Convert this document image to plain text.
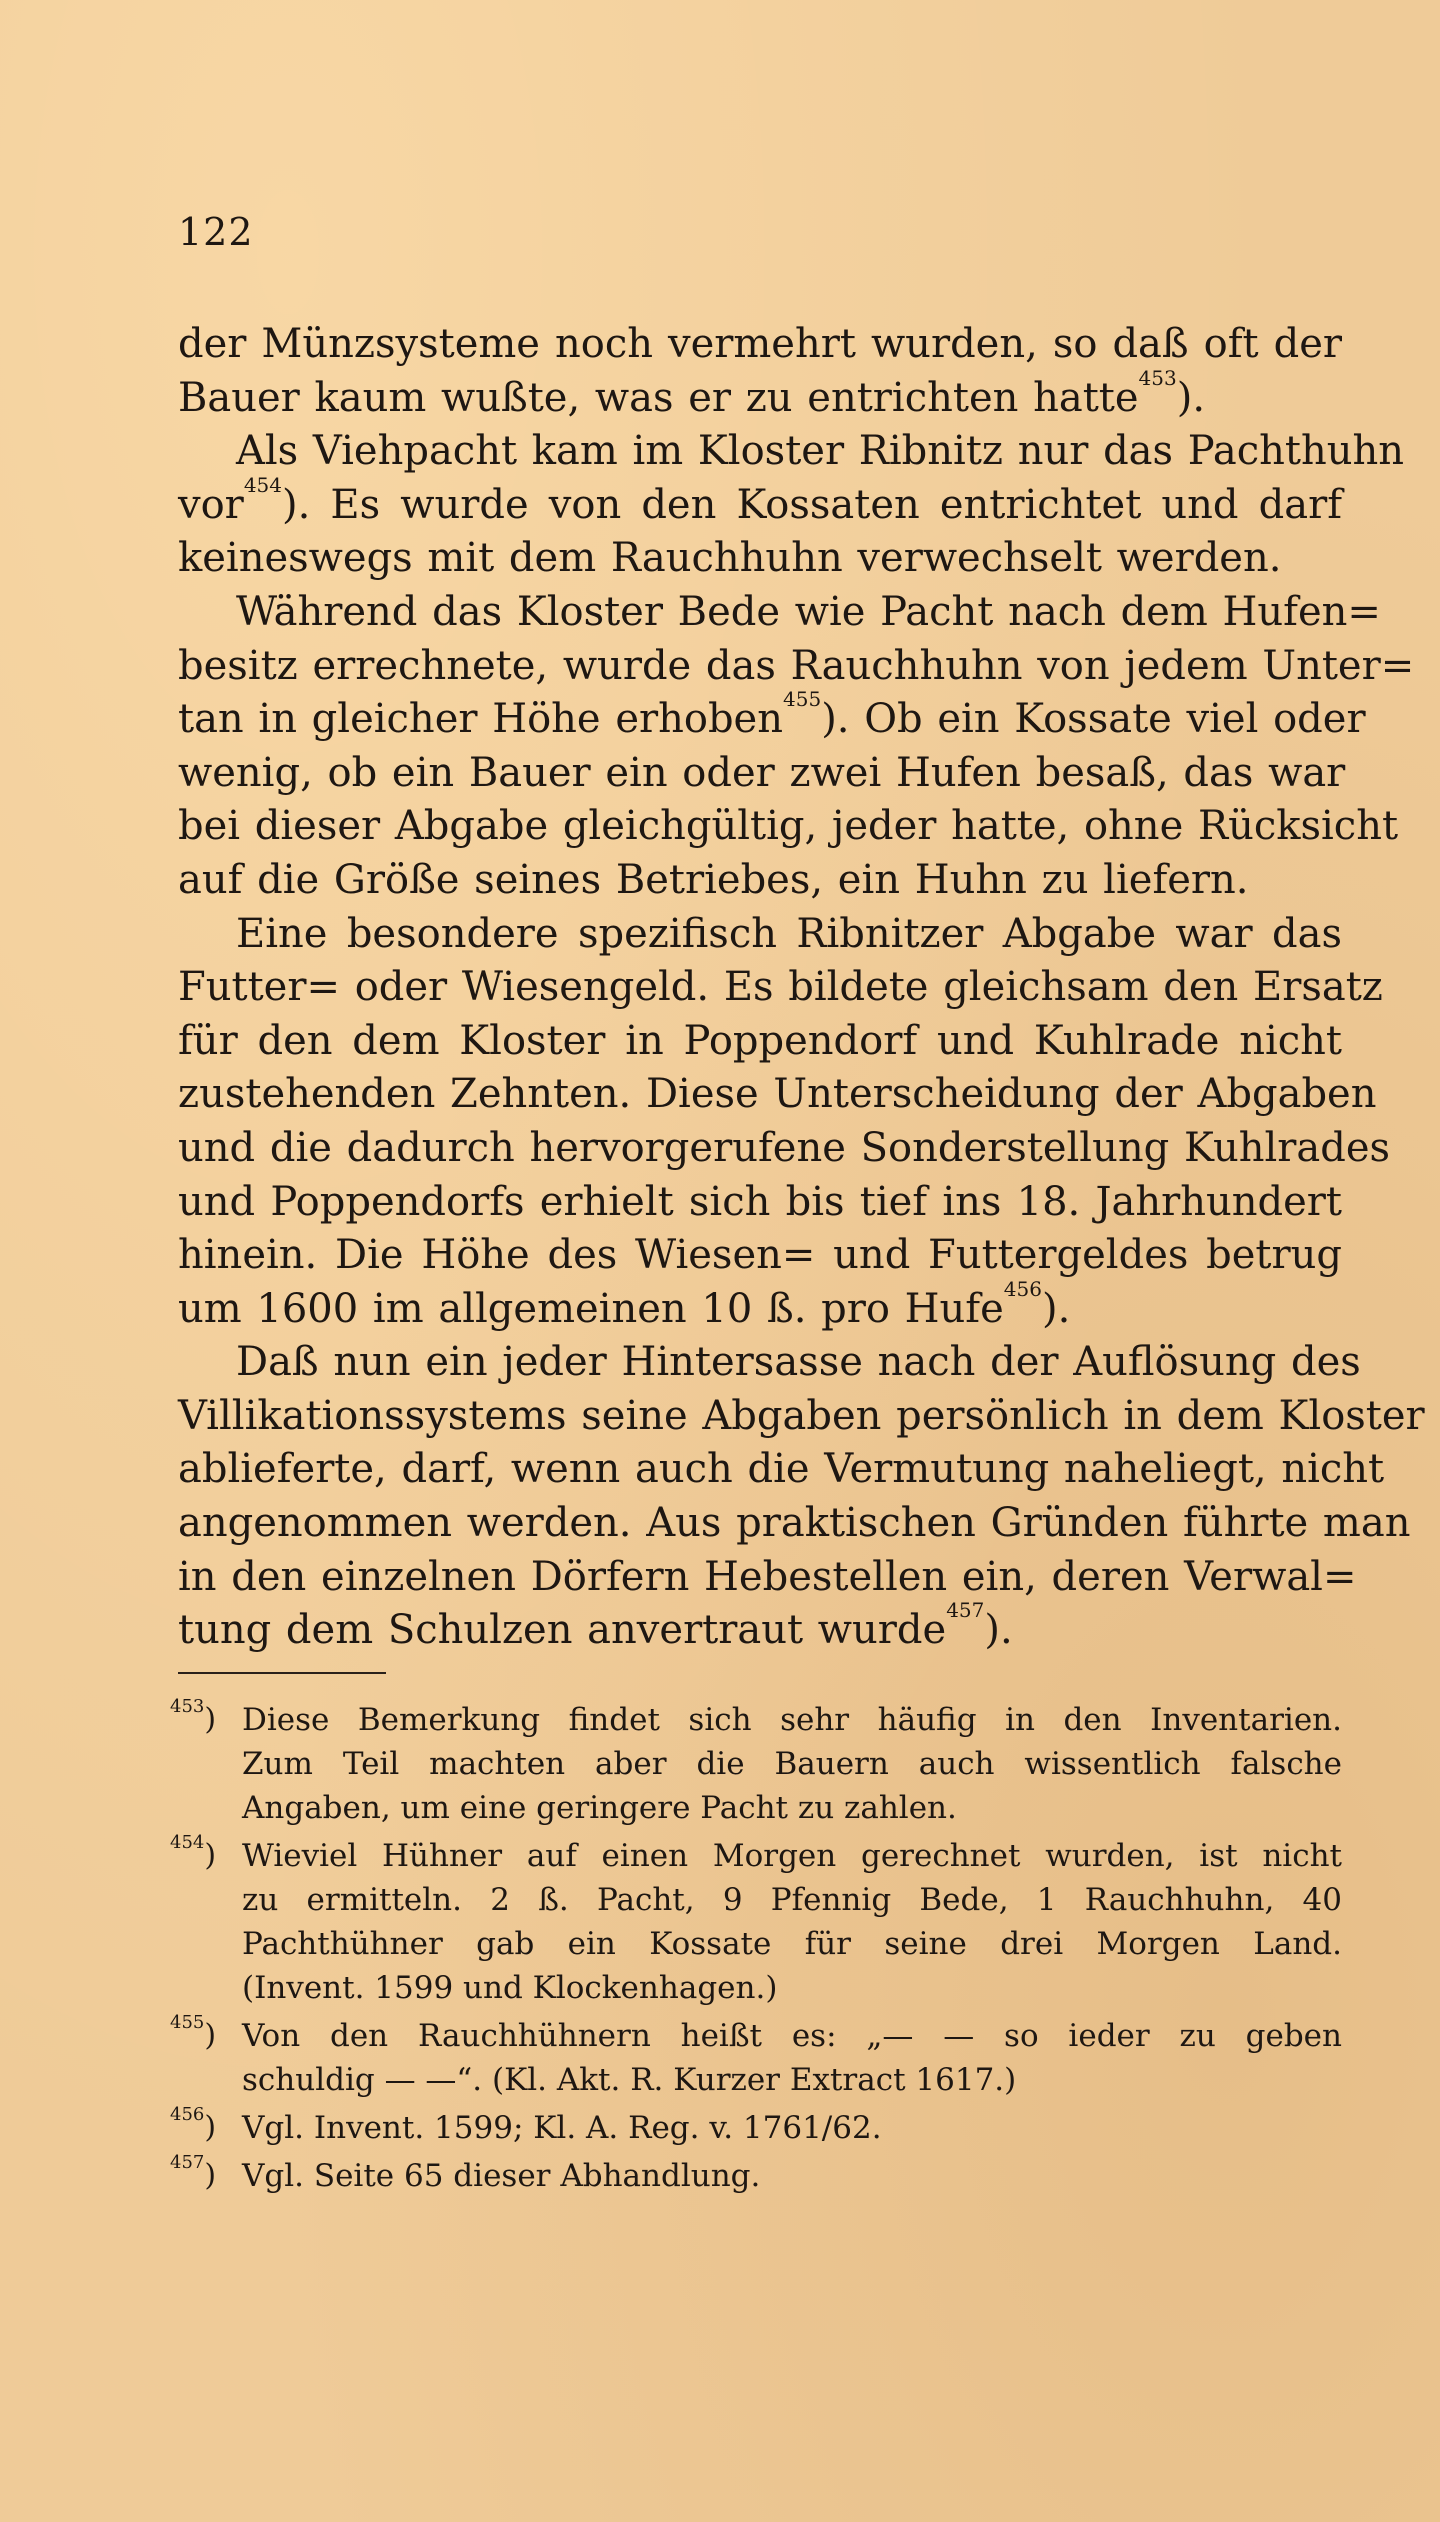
122
der Münzsysteme noch vermehrt wurden, so daß oft der
Bauer kaum wußte, was er zu entrichten hatte$^{453}$).
Als Viehpacht kam im Kloster Ribnitz nur das Pachthuhn
vor$^{454}$). Es wurde von den Kossaten entrichtet und darf
keineswegs mit dem Rauchhuhn verwechselt werden.
Während das Kloster Bede wie Pacht nach dem Hufen=
besitz errechnete, wurde das Rauchhuhn von jedem Unter=
tan in gleicher Höhe erhoben$^{455}$). Ob ein Kossate viel oder
wenig, ob ein Bauer ein oder zwei Hufen besaß, das war
bei dieser Abgabe gleichgültig, jeder hatte, ohne Rücksicht
auf die Größe seines Betriebes, ein Huhn zu liefern.
Eine besondere spezifisch Ribnitzer Abgabe war das
Futter= oder Wiesengeld. Es bildete gleichsam den Ersatz
für den dem Kloster in Poppendorf und Kuhlrade nicht
zustehenden Zehnten. Diese Unterscheidung der Abgaben
und die dadurch hervorgerufene Sonderstellung Kuhlrades
und Poppendorfs erhielt sich bis tief ins 18. Jahrhundert
hinein. Die Höhe des Wiesen= und Futtergeldes betrug
um 1600 im allgemeinen 10 ß. pro Hufe$^{456}$).
Daß nun ein jeder Hintersasse nach der Auflösung des
Villikationssystems seine Abgaben persönlich in dem Kloster
ablieferte, darf, wenn auch die Vermutung naheliegt, nicht
angenommen werden. Aus praktischen Gründen führte man
in den einzelnen Dörfern Hebestellen ein, deren Verwal=
tung dem Schulzen anvertraut wurde$^{457}$).
$^{453}$) Diese Bemerkung findet sich sehr häufig in den Inventarien.
Zum Teil machten aber die Bauern auch wissentlich falsche
Angaben, um eine geringere Pacht zu zahlen.
$^{454}$) Wieviel Hühner auf einen Morgen gerechnet wurden, ist nicht
zu ermitteln. 2 ß. Pacht, 9 Pfennig Bede, 1 Rauchhuhn, 40
Pachthühner gab ein Kossate für seine drei Morgen Land.
(Invent. 1599 und Klockenhagen.)
$^{455}$) Von den Rauchhühnern heißt es: „— — so ieder zu geben
schuldig — —“. (Kl. Akt. R. Kurzer Extract 1617.)
$^{456}$) Vgl. Invent. 1599; Kl. A. Reg. v. 1761/62.
$^{457}$) Vgl. Seite 65 dieser Abhandlung.
